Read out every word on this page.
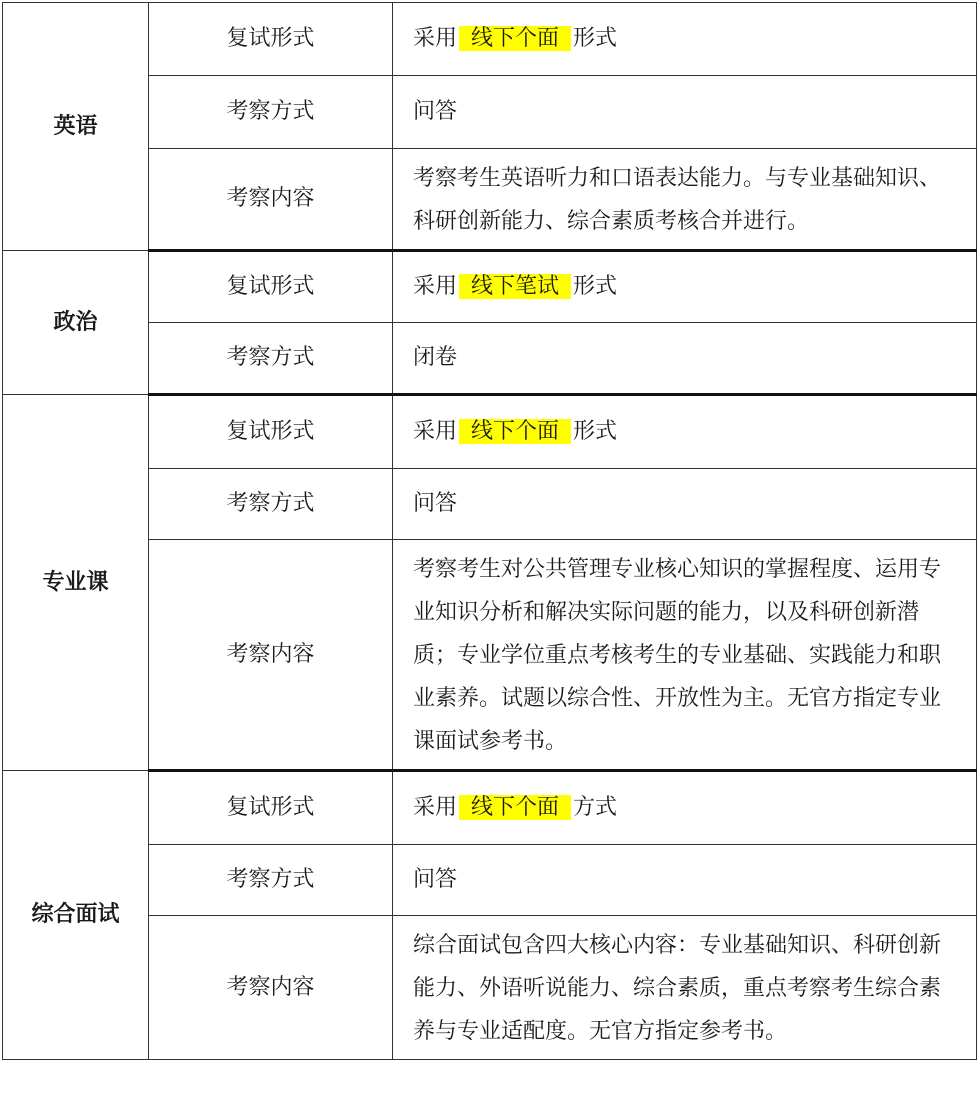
英语	复试形式	采用 线下个面 形式
	考察方式	问答
	考察内容	考察考生英语听力和口语表达能力。与专业基础知识、科研创新能力、综合素质考核合并进行。
政治	复试形式	采用 线下笔试 形式
	考察方式	闭卷
专业课	复试形式	采用 线下个面 形式
	考察方式	问答
	考察内容	考察考生对公共管理专业核心知识的掌握程度、运用专业知识分析和解决实际问题的能力，以及科研创新潜质；专业学位重点考核考生的专业基础、实践能力和职业素养。试题以综合性、开放性为主。无官方指定专业课面试参考书。
综合面试	复试形式	采用 线下个面 方式
	考察方式	问答
	考察内容	综合面试包含四大核心内容：专业基础知识、科研创新能力、外语听说能力、综合素质，重点考察考生综合素养与专业适配度。无官方指定参考书。
